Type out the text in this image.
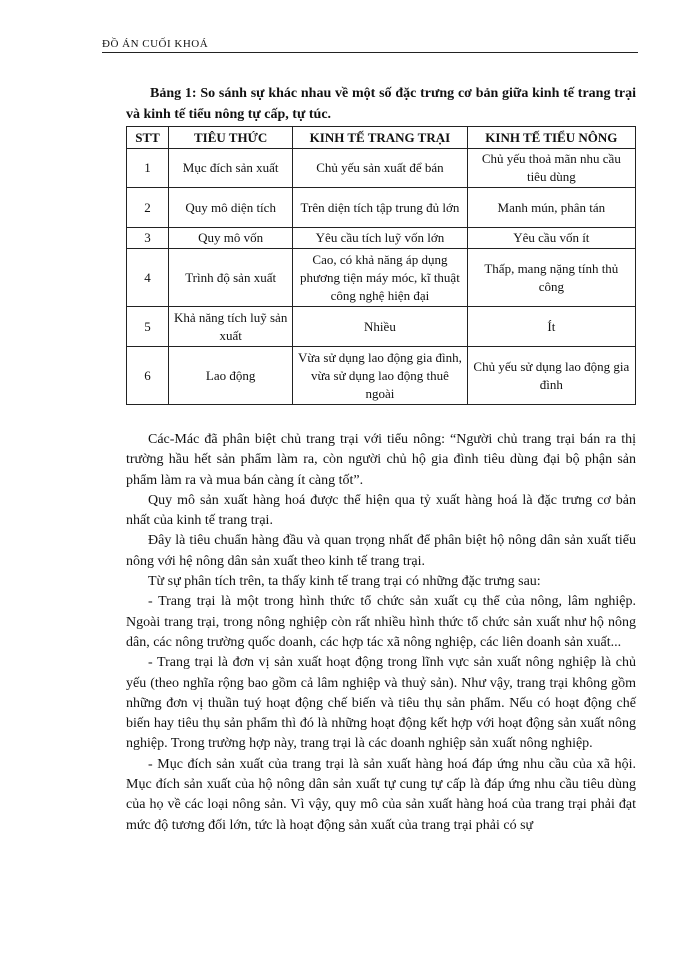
ĐỒ ÁN CUỐI KHOÁ
Bảng 1: So sánh sự khác nhau về một số đặc trưng cơ bản giữa kinh tế trang trại và kinh tế tiểu nông tự cấp, tự túc.
STT	TIÊU THỨC	KINH TẾ TRANG TRẠI	KINH TẾ TIỂU NÔNG
1	Mục đích sản xuất	Chủ yếu sản xuất để bán	Chủ yếu thoả mãn nhu cầu tiêu dùng
2	Quy mô diện tích	Trên diện tích tập trung đủ lớn	Manh mún, phân tán
3	Quy mô vốn	Yêu cầu tích luỹ vốn lớn	Yêu cầu vốn ít
4	Trình độ sản xuất	Cao, có khả năng áp dụng phương tiện máy móc, kĩ thuật công nghệ hiện đại	Thấp, mang nặng tính thủ công
5	Khả năng tích luỹ sản xuất	Nhiều	Ít
6	Lao động	Vừa sử dụng lao động gia đình, vừa sử dụng lao động thuê ngoài	Chủ yếu sử dụng lao động gia đình

Các-Mác đã phân biệt chủ trang trại với tiểu nông: “Người chủ trang trại bán ra thị trường hầu hết sản phẩm làm ra, còn người chủ hộ gia đình tiêu dùng đại bộ phận sản phẩm làm ra và mua bán càng ít càng tốt”.

Quy mô sản xuất hàng hoá được thể hiện qua tỷ xuất hàng hoá là đặc trưng cơ bản nhất của kinh tế trang trại.

Đây là tiêu chuẩn hàng đầu và quan trọng nhất để phân biệt hộ nông dân sản xuất tiểu nông với hệ nông dân sản xuất theo kinh tế trang trại.

Từ sự phân tích trên, ta thấy kinh tế trang trại có những đặc trưng sau:

- Trang trại là một trong hình thức tổ chức sản xuất cụ thể của nông, lâm nghiệp. Ngoài trang trại, trong nông nghiệp còn rất nhiều hình thức tổ chức sản xuất như hộ nông dân, các nông trường quốc doanh, các hợp tác xã nông nghiệp, các liên doanh sản xuất...

- Trang trại là đơn vị sản xuất hoạt động trong lĩnh vực sản xuất nông nghiệp là chủ yếu (theo nghĩa rộng bao gồm cả lâm nghiệp và thuỷ sản). Như vậy, trang trại không gồm những đơn vị thuần tuý hoạt động chế biến và tiêu thụ sản phẩm. Nếu có hoạt động chế biến hay tiêu thụ sản phẩm thì đó là những hoạt động kết hợp với hoạt động sản xuất nông nghiệp. Trong trường hợp này, trang trại là các doanh nghiệp sản xuất nông nghiệp.

- Mục đích sản xuất của trang trại là sản xuất hàng hoá đáp ứng nhu cầu của xã hội. Mục đích sản xuất của hộ nông dân sản xuất tự cung tự cấp là đáp ứng nhu cầu tiêu dùng của họ về các loại nông sản. Vì vậy, quy mô của sản xuất hàng hoá của trang trại phải đạt mức độ tương đối lớn, tức là hoạt động sản xuất của trang trại phải có sự
